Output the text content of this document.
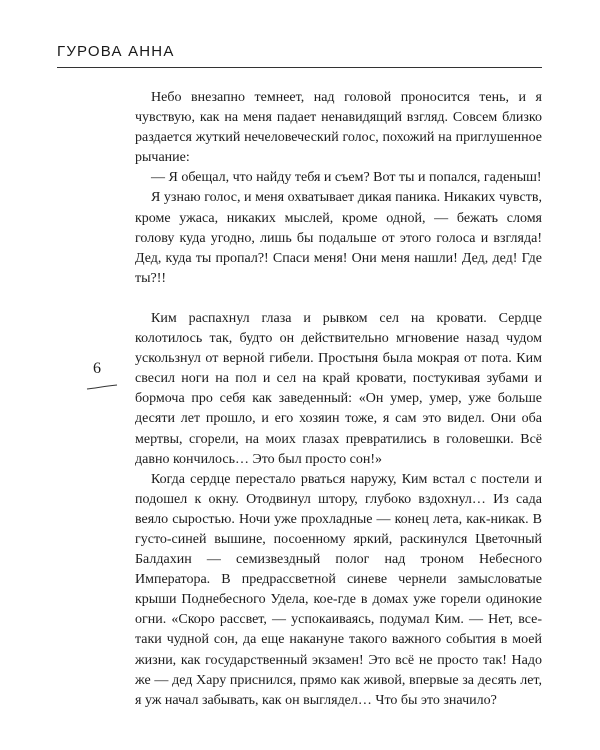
ГУРОВА АННА
6

Небо внезапно темнеет, над головой проносится тень, и я чувствую, как на меня падает ненавидящий взгляд. Совсем близко раздается жуткий нечеловеческий голос, похожий на приглушенное рычание:

— Я обещал, что найду тебя и съем? Вот ты и попался, гаденыш!

Я узнаю голос, и меня охватывает дикая паника. Никаких чувств, кроме ужаса, никаких мыслей, кроме одной, — бежать сломя голову куда угодно, лишь бы подальше от этого голоса и взгляда! Дед, куда ты пропал?! Спаси меня! Они меня нашли! Дед, дед! Где ты?!!

Ким распахнул глаза и рывком сел на кровати. Сердце колотилось так, будто он действительно мгновение назад чудом ускользнул от верной гибели. Простыня была мокрая от пота. Ким свесил ноги на пол и сел на край кровати, постукивая зубами и бормоча про себя как заведенный: «Он умер, умер, уже больше десяти лет прошло, и его хозяин тоже, я сам это видел. Они оба мертвы, сгорели, на моих глазах превратились в головешки. Всё давно кончилось… Это был просто сон!»

Когда сердце перестало рваться наружу, Ким встал с постели и подошел к окну. Отодвинул штору, глубоко вздохнул… Из сада веяло сыростью. Ночи уже прохладные — конец лета, как-никак. В густо-синей вышине, посоенному яркий, раскинулся Цветочный Балдахин — семизвездный полог над троном Небесного Императора. В предрассветной синеве чернели замысловатые крыши Поднебесного Удела, кое-где в домах уже горели одинокие огни. «Скоро рассвет, — успокаиваясь, подумал Ким. — Нет, все-таки чудной сон, да еще накануне такого важного события в моей жизни, как государственный экзамен! Это всё не просто так! Надо же — дед Хару приснился, прямо как живой, впервые за десять лет, я уж начал забывать, как он выглядел… Что бы это значило?
